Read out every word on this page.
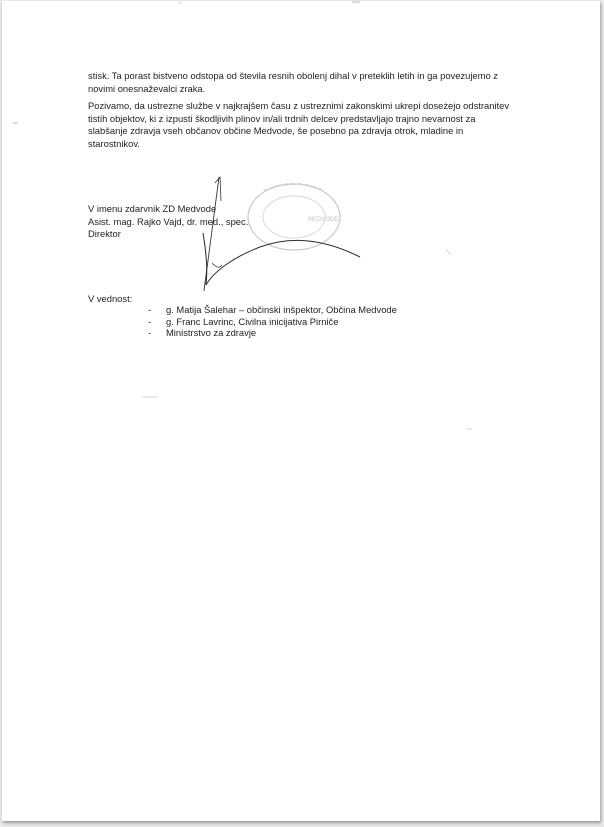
stisk. Ta porast bistveno odstopa od števila resnih obolenj dihal v preteklih letih in ga povezujemo z
novimi onesnaževalci zraka.
Pozivamo, da ustrezne službe v najkrajšem času z ustreznimi zakonskimi ukrepi doseżejo odstranitev
tistih objektov, ki z izpusti škodljivih plinov in/ali trdnih delcev predstavljajo trajno nevarnost za
slabšanje zdravja vseh občanov občine Medvode, še posebno pa zdravja otrok, mladine in
starostnikov.
MEDVODE
V imenu zdarvnik ZD Medvode
Asist. mag. Rajko Vajd, dr. med., spec.
Direktor
V vednost:
- g. Matija Šalehar – občinski inšpektor, Občina Medvode
- g. Franc Lavrinc, Civilna inicijativa Pirniče
- Ministrstvo za zdravje
